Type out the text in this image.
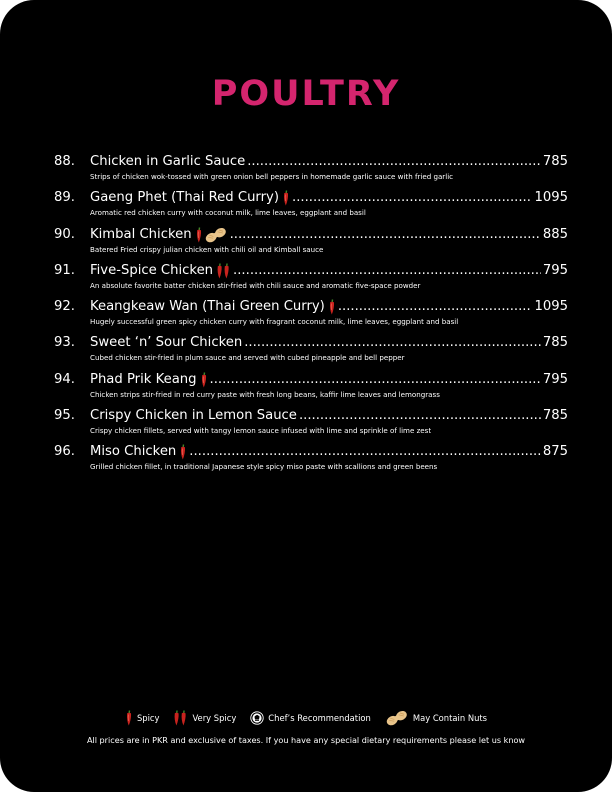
POULTRY
88.	Chicken in Garlic Sauce .....	785
Strips of chicken wok-tossed with green onion bell peppers in homemade garlic sauce with fried garlic
89.	Gaeng Phet (Thai Red Curry) .....	1095
Aromatic red chicken curry with coconut milk, lime leaves, eggplant and basil
90.	Kimbal Chicken .....	885
Batered Fried crispy julian chicken with chili oil and Kimball sauce
91.	Five-Spice Chicken .....	795
An absolute favorite batter chicken stir-fried with chili sauce and aromatic five-space powder
92.	Keangkeaw Wan (Thai Green Curry) .....	1095
Hugely successful green spicy chicken curry with fragrant coconut milk, lime leaves, eggplant and basil
93.	Sweet ‘n’ Sour Chicken .....	785
Cubed chicken stir-fried in plum sauce and served with cubed pineapple and bell pepper
94.	Phad Prik Keang .....	795
Chicken strips stir-fried in red curry paste with fresh long beans, kaffir lime leaves and lemongrass
95.	Crispy Chicken in Lemon Sauce .....	785
Crispy chicken fillets, served with tangy lemon sauce infused with lime and sprinkle of lime zest
96.	Miso Chicken .....	875
Grilled chicken fillet, in traditional Japanese style spicy miso paste with scallions and green beens
Spicy	Very Spicy	Chef’s Recommendation	May Contain Nuts
All prices are in PKR and exclusive of taxes. If you have any special dietary requirements please let us know
